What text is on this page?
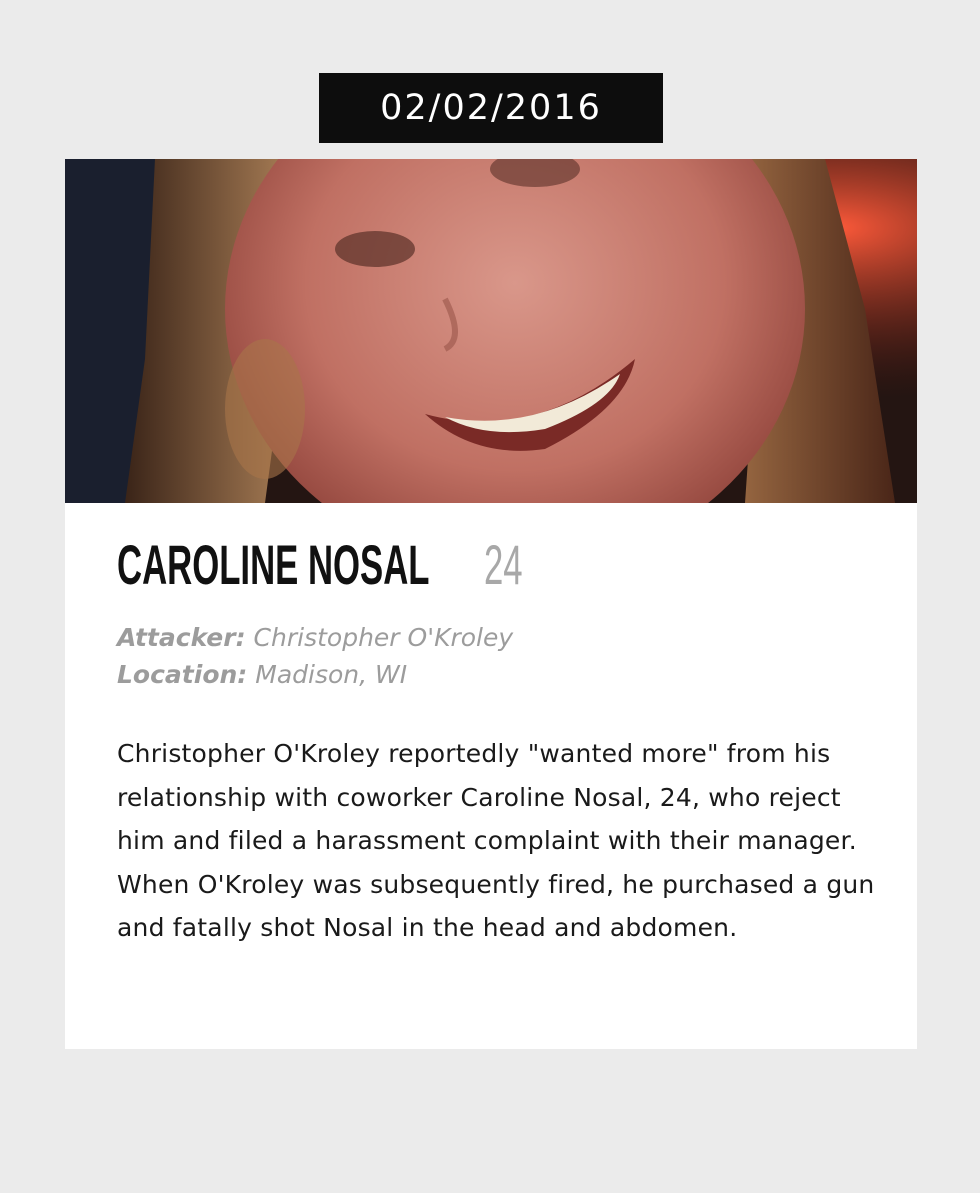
02/02/2016
CAROLINE NOSAL 24
Attacker: Christopher O'Kroley
Location: Madison, WI
Christopher O'Kroley reportedly "wanted more" from his relationship with coworker Caroline Nosal, 24, who reject him and filed a harassment complaint with their manager. When O'Kroley was subsequently fired, he purchased a gun and fatally shot Nosal in the head and abdomen.
